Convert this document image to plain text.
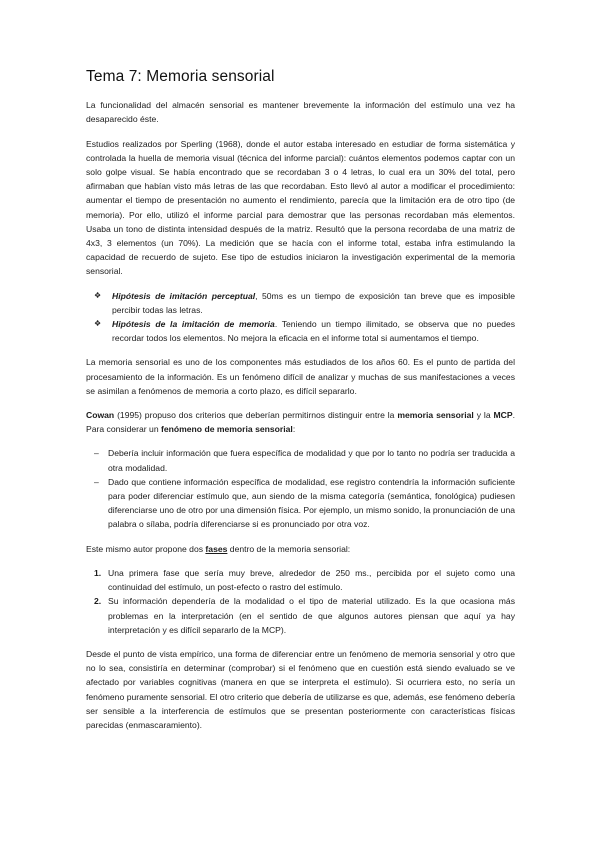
Tema 7: Memoria sensorial

La funcionalidad del almacén sensorial es mantener brevemente la información del estímulo una vez ha desaparecido éste.

Estudios realizados por Sperling (1968), donde el autor estaba interesado en estudiar de forma sistemática y controlada la huella de memoria visual (técnica del informe parcial): cuántos elementos podemos captar con un solo golpe visual. Se había encontrado que se recordaban 3 o 4 letras, lo cual era un 30% del total, pero afirmaban que habían visto más letras de las que recordaban. Esto llevó al autor a modificar el procedimiento: aumentar el tiempo de presentación no aumento el rendimiento, parecía que la limitación era de otro tipo (de memoria). Por ello, utilizó el informe parcial para demostrar que las personas recordaban más elementos. Usaba un tono de distinta intensidad después de la matriz. Resultó que la persona recordaba de una matriz de 4x3, 3 elementos (un 70%). La medición que se hacía con el informe total, estaba infra estimulando la capacidad de recuerdo de sujeto. Ese tipo de estudios iniciaron la investigación experimental de la memoria sensorial.

❖ Hipótesis de imitación perceptual, 50ms es un tiempo de exposición tan breve que es imposible percibir todas las letras.
❖ Hipótesis de la imitación de memoria. Teniendo un tiempo ilimitado, se observa que no puedes recordar todos los elementos. No mejora la eficacia en el informe total si aumentamos el tiempo.

La memoria sensorial es uno de los componentes más estudiados de los años 60. Es el punto de partida del procesamiento de la información. Es un fenómeno difícil de analizar y muchas de sus manifestaciones a veces se asimilan a fenómenos de memoria a corto plazo, es difícil separarlo.

Cowan (1995) propuso dos criterios que deberían permitirnos distinguir entre la memoria sensorial y la MCP. Para considerar un fenómeno de memoria sensorial:

– Debería incluir información que fuera específica de modalidad y que por lo tanto no podría ser traducida a otra modalidad.
– Dado que contiene información específica de modalidad, ese registro contendría la información suficiente para poder diferenciar estímulo que, aun siendo de la misma categoría (semántica, fonológica) pudiesen diferenciarse uno de otro por una dimensión física. Por ejemplo, un mismo sonido, la pronunciación de una palabra o sílaba, podría diferenciarse si es pronunciado por otra voz.

Este mismo autor propone dos fases dentro de la memoria sensorial:

1. Una primera fase que sería muy breve, alrededor de 250 ms., percibida por el sujeto como una continuidad del estímulo, un post-efecto o rastro del estímulo.
2. Su información dependería de la modalidad o el tipo de material utilizado. Es la que ocasiona más problemas en la interpretación (en el sentido de que algunos autores piensan que aquí ya hay interpretación y es difícil separarlo de la MCP).

Desde el punto de vista empírico, una forma de diferenciar entre un fenómeno de memoria sensorial y otro que no lo sea, consistiría en determinar (comprobar) si el fenómeno que en cuestión está siendo evaluado se ve afectado por variables cognitivas (manera en que se interpreta el estímulo). Si ocurriera esto, no sería un fenómeno puramente sensorial. El otro criterio que debería de utilizarse es que, además, ese fenómeno debería ser sensible a la interferencia de estímulos que se presentan posteriormente con características físicas parecidas (enmascaramiento).
